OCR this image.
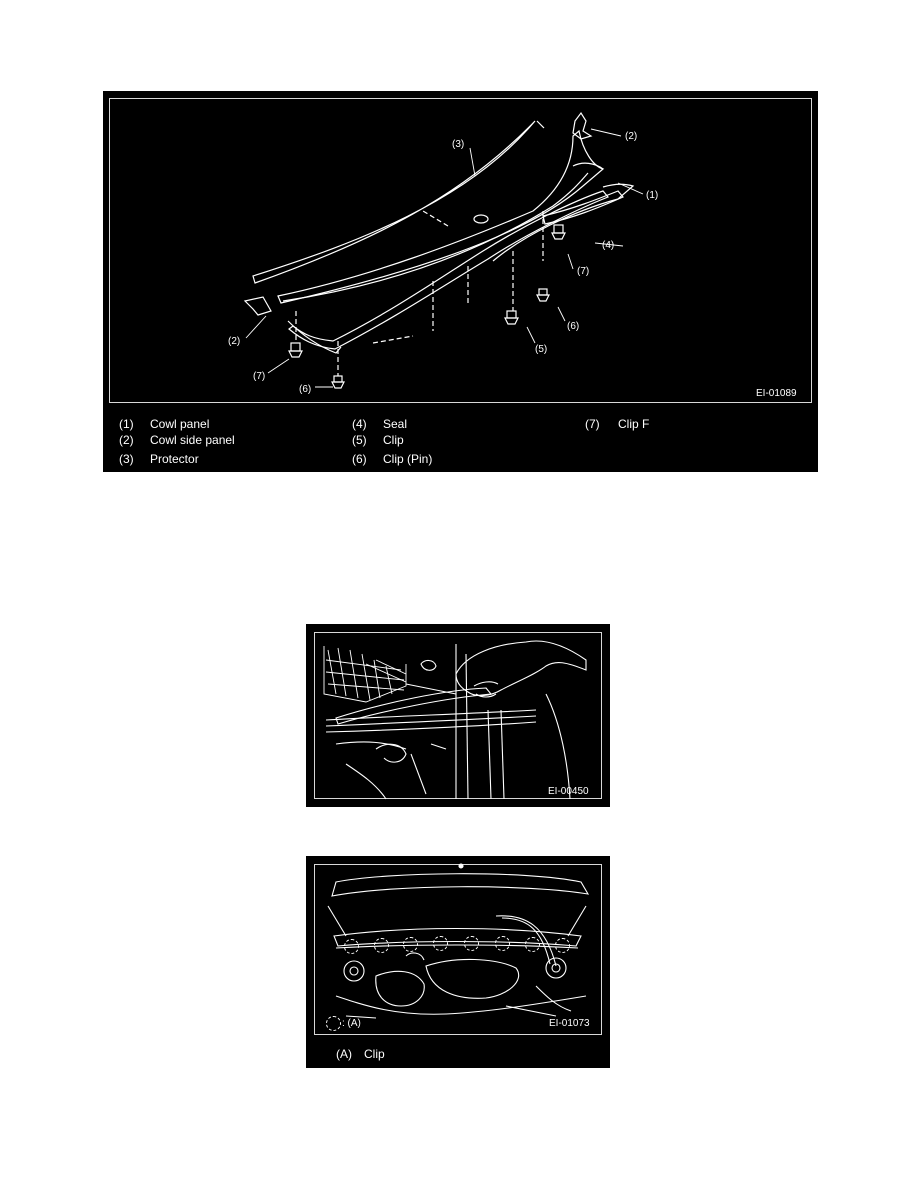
(3)
(2)
(1)
(4)
(7)
(6)
(5)
(2)
(7)
(6)	EI-01089
(1) Cowl panel
(2) Cowl side panel
(3) Protector
(4) Seal
(5) Clip
(6) Clip (Pin)
(7) Clip F
EI-00450
: (A)	EI-01073
(A) Clip
